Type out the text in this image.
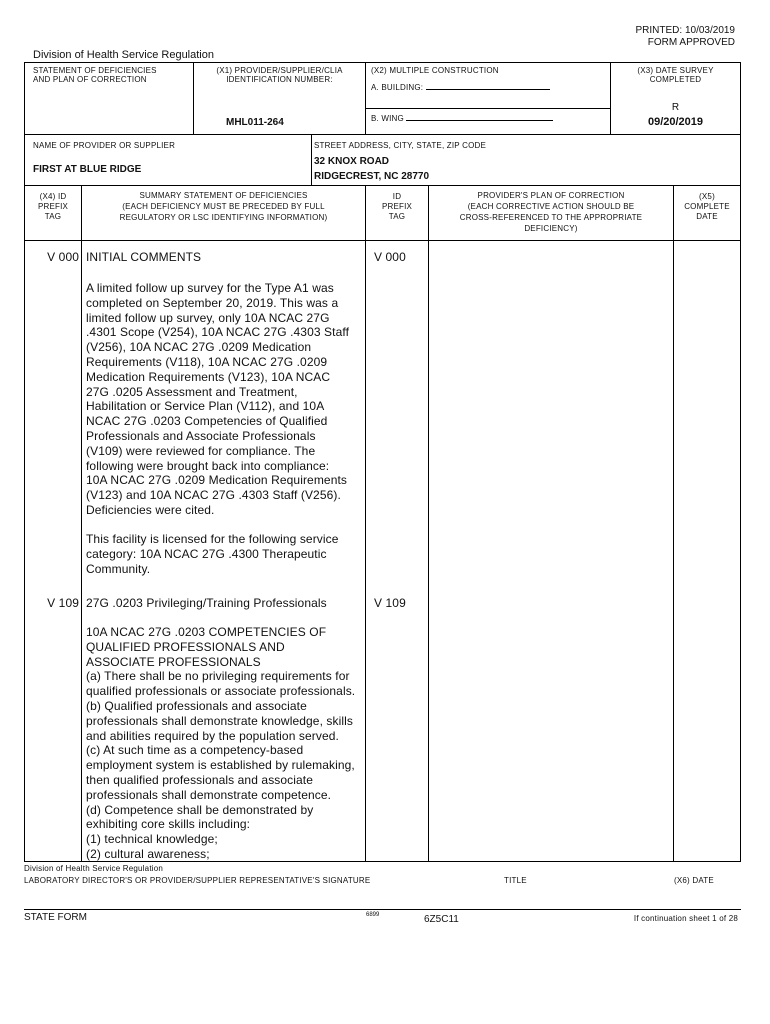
PRINTED: 10/03/2019
FORM APPROVED
Division of Health Service Regulation
STATEMENT OF DEFICIENCIES
AND PLAN OF CORRECTION
(X1) PROVIDER/SUPPLIER/CLIA
IDENTIFICATION NUMBER:
MHL011-264
(X2) MULTIPLE CONSTRUCTION
A. BUILDING:
B. WING
(X3) DATE SURVEY
COMPLETED
R
09/20/2019
NAME OF PROVIDER OR SUPPLIER
FIRST AT BLUE RIDGE
STREET ADDRESS, CITY, STATE, ZIP CODE
32 KNOX ROAD
RIDGECREST, NC 28770
(X4) ID
PREFIX
TAG
SUMMARY STATEMENT OF DEFICIENCIES
(EACH DEFICIENCY MUST BE PRECEDED BY FULL
REGULATORY OR LSC IDENTIFYING INFORMATION)
ID
PREFIX
TAG
PROVIDER'S PLAN OF CORRECTION
(EACH CORRECTIVE ACTION SHOULD BE
CROSS-REFERENCED TO THE APPROPRIATE
DEFICIENCY)
(X5)
COMPLETE
DATE
V 000 INITIAL COMMENTS	V 000
A limited follow up survey for the Type A1 was
completed on September 20, 2019. This was a
limited follow up survey, only 10A NCAC 27G
.4301 Scope (V254), 10A NCAC 27G .4303 Staff
(V256), 10A NCAC 27G .0209 Medication
Requirements (V118), 10A NCAC 27G .0209
Medication Requirements (V123), 10A NCAC
27G .0205 Assessment and Treatment,
Habilitation or Service Plan (V112), and 10A
NCAC 27G .0203 Competencies of Qualified
Professionals and Associate Professionals
(V109) were reviewed for compliance. The
following were brought back into compliance:
10A NCAC 27G .0209 Medication Requirements
(V123) and 10A NCAC 27G .4303 Staff (V256).
Deficiencies were cited.
This facility is licensed for the following service
category: 10A NCAC 27G .4300 Therapeutic
Community.
V 109 27G .0203 Privileging/Training Professionals	V 109
10A NCAC 27G .0203 COMPETENCIES OF
QUALIFIED PROFESSIONALS AND
ASSOCIATE PROFESSIONALS
(a) There shall be no privileging requirements for
qualified professionals or associate professionals.
(b) Qualified professionals and associate
professionals shall demonstrate knowledge, skills
and abilities required by the population served.
(c) At such time as a competency-based
employment system is established by rulemaking,
then qualified professionals and associate
professionals shall demonstrate competence.
(d) Competence shall be demonstrated by
exhibiting core skills including:
(1) technical knowledge;
(2) cultural awareness;
Division of Health Service Regulation
LABORATORY DIRECTOR'S OR PROVIDER/SUPPLIER REPRESENTATIVE'S SIGNATURE	TITLE	(X6) DATE
STATE FORM	6899	6Z5C11	If continuation sheet 1 of 28
